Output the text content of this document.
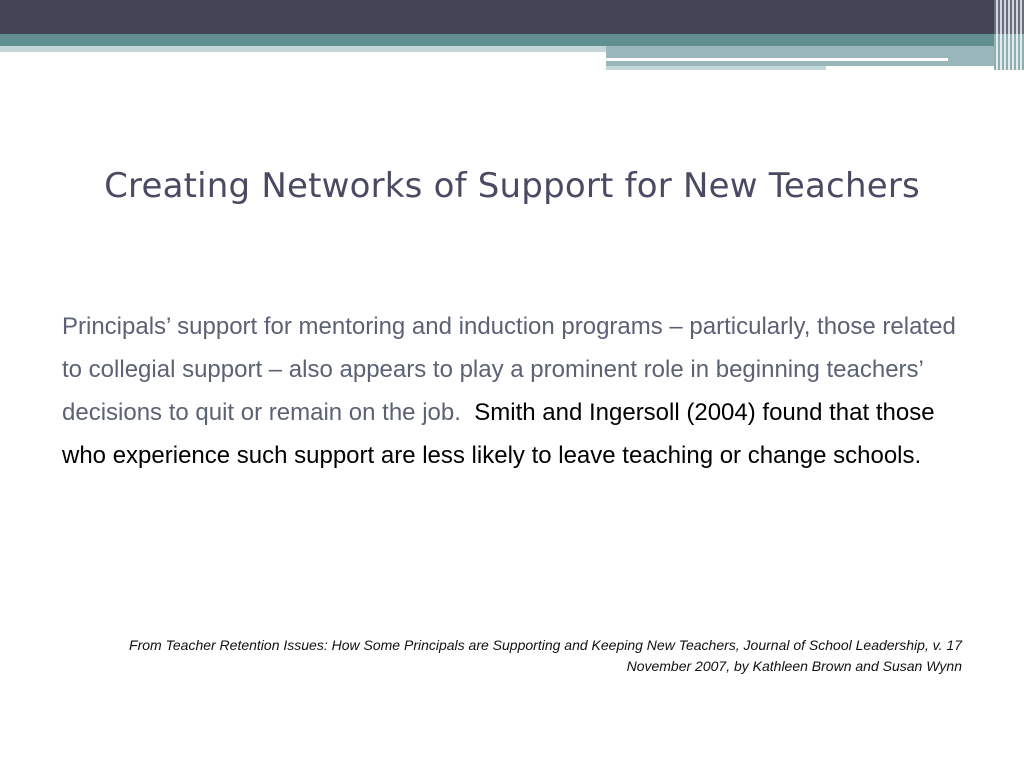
Creating Networks of Support for New Teachers

Principals’ support for mentoring and induction programs – particularly, those related to collegial support – also appears to play a prominent role in beginning teachers’ decisions to quit or remain on the job. Smith and Ingersoll (2004) found that those who experience such support are less likely to leave teaching or change schools.

From Teacher Retention Issues: How Some Principals are Supporting and Keeping New Teachers, Journal of School Leadership, v. 17 November 2007, by Kathleen Brown and Susan Wynn
